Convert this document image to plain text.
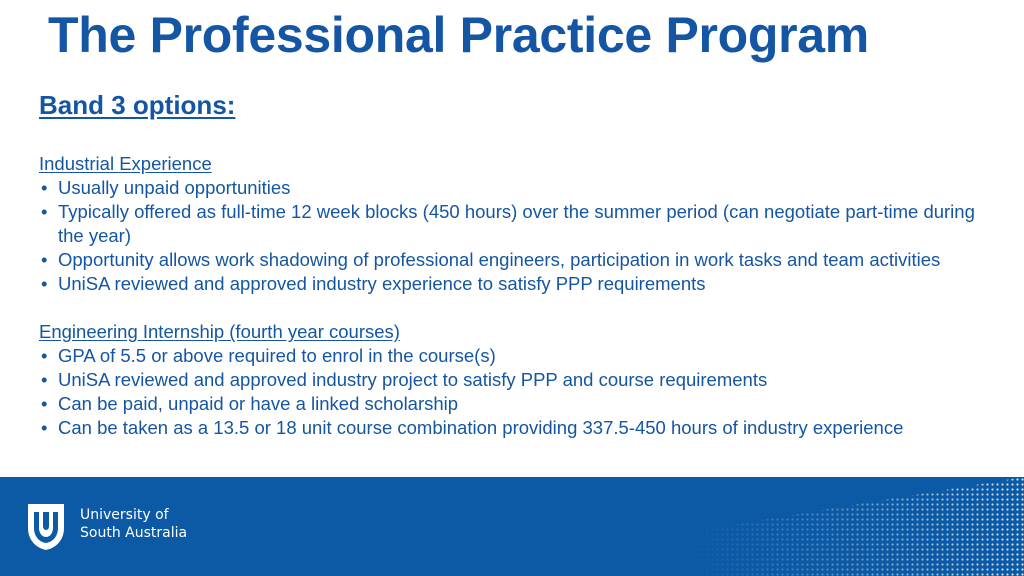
The Professional Practice Program
Band 3 options:
Industrial Experience
• Usually unpaid opportunities
• Typically offered as full-time 12 week blocks (450 hours) over the summer period (can negotiate part-time during the year)
• Opportunity allows work shadowing of professional engineers, participation in work tasks and team activities
• UniSA reviewed and approved industry experience to satisfy PPP requirements
Engineering Internship (fourth year courses)
• GPA of 5.5 or above required to enrol in the course(s)
• UniSA reviewed and approved industry project to satisfy PPP and course requirements
• Can be paid, unpaid or have a linked scholarship
• Can be taken as a 13.5 or 18 unit course combination providing 337.5-450 hours of industry experience
University of
South Australia
